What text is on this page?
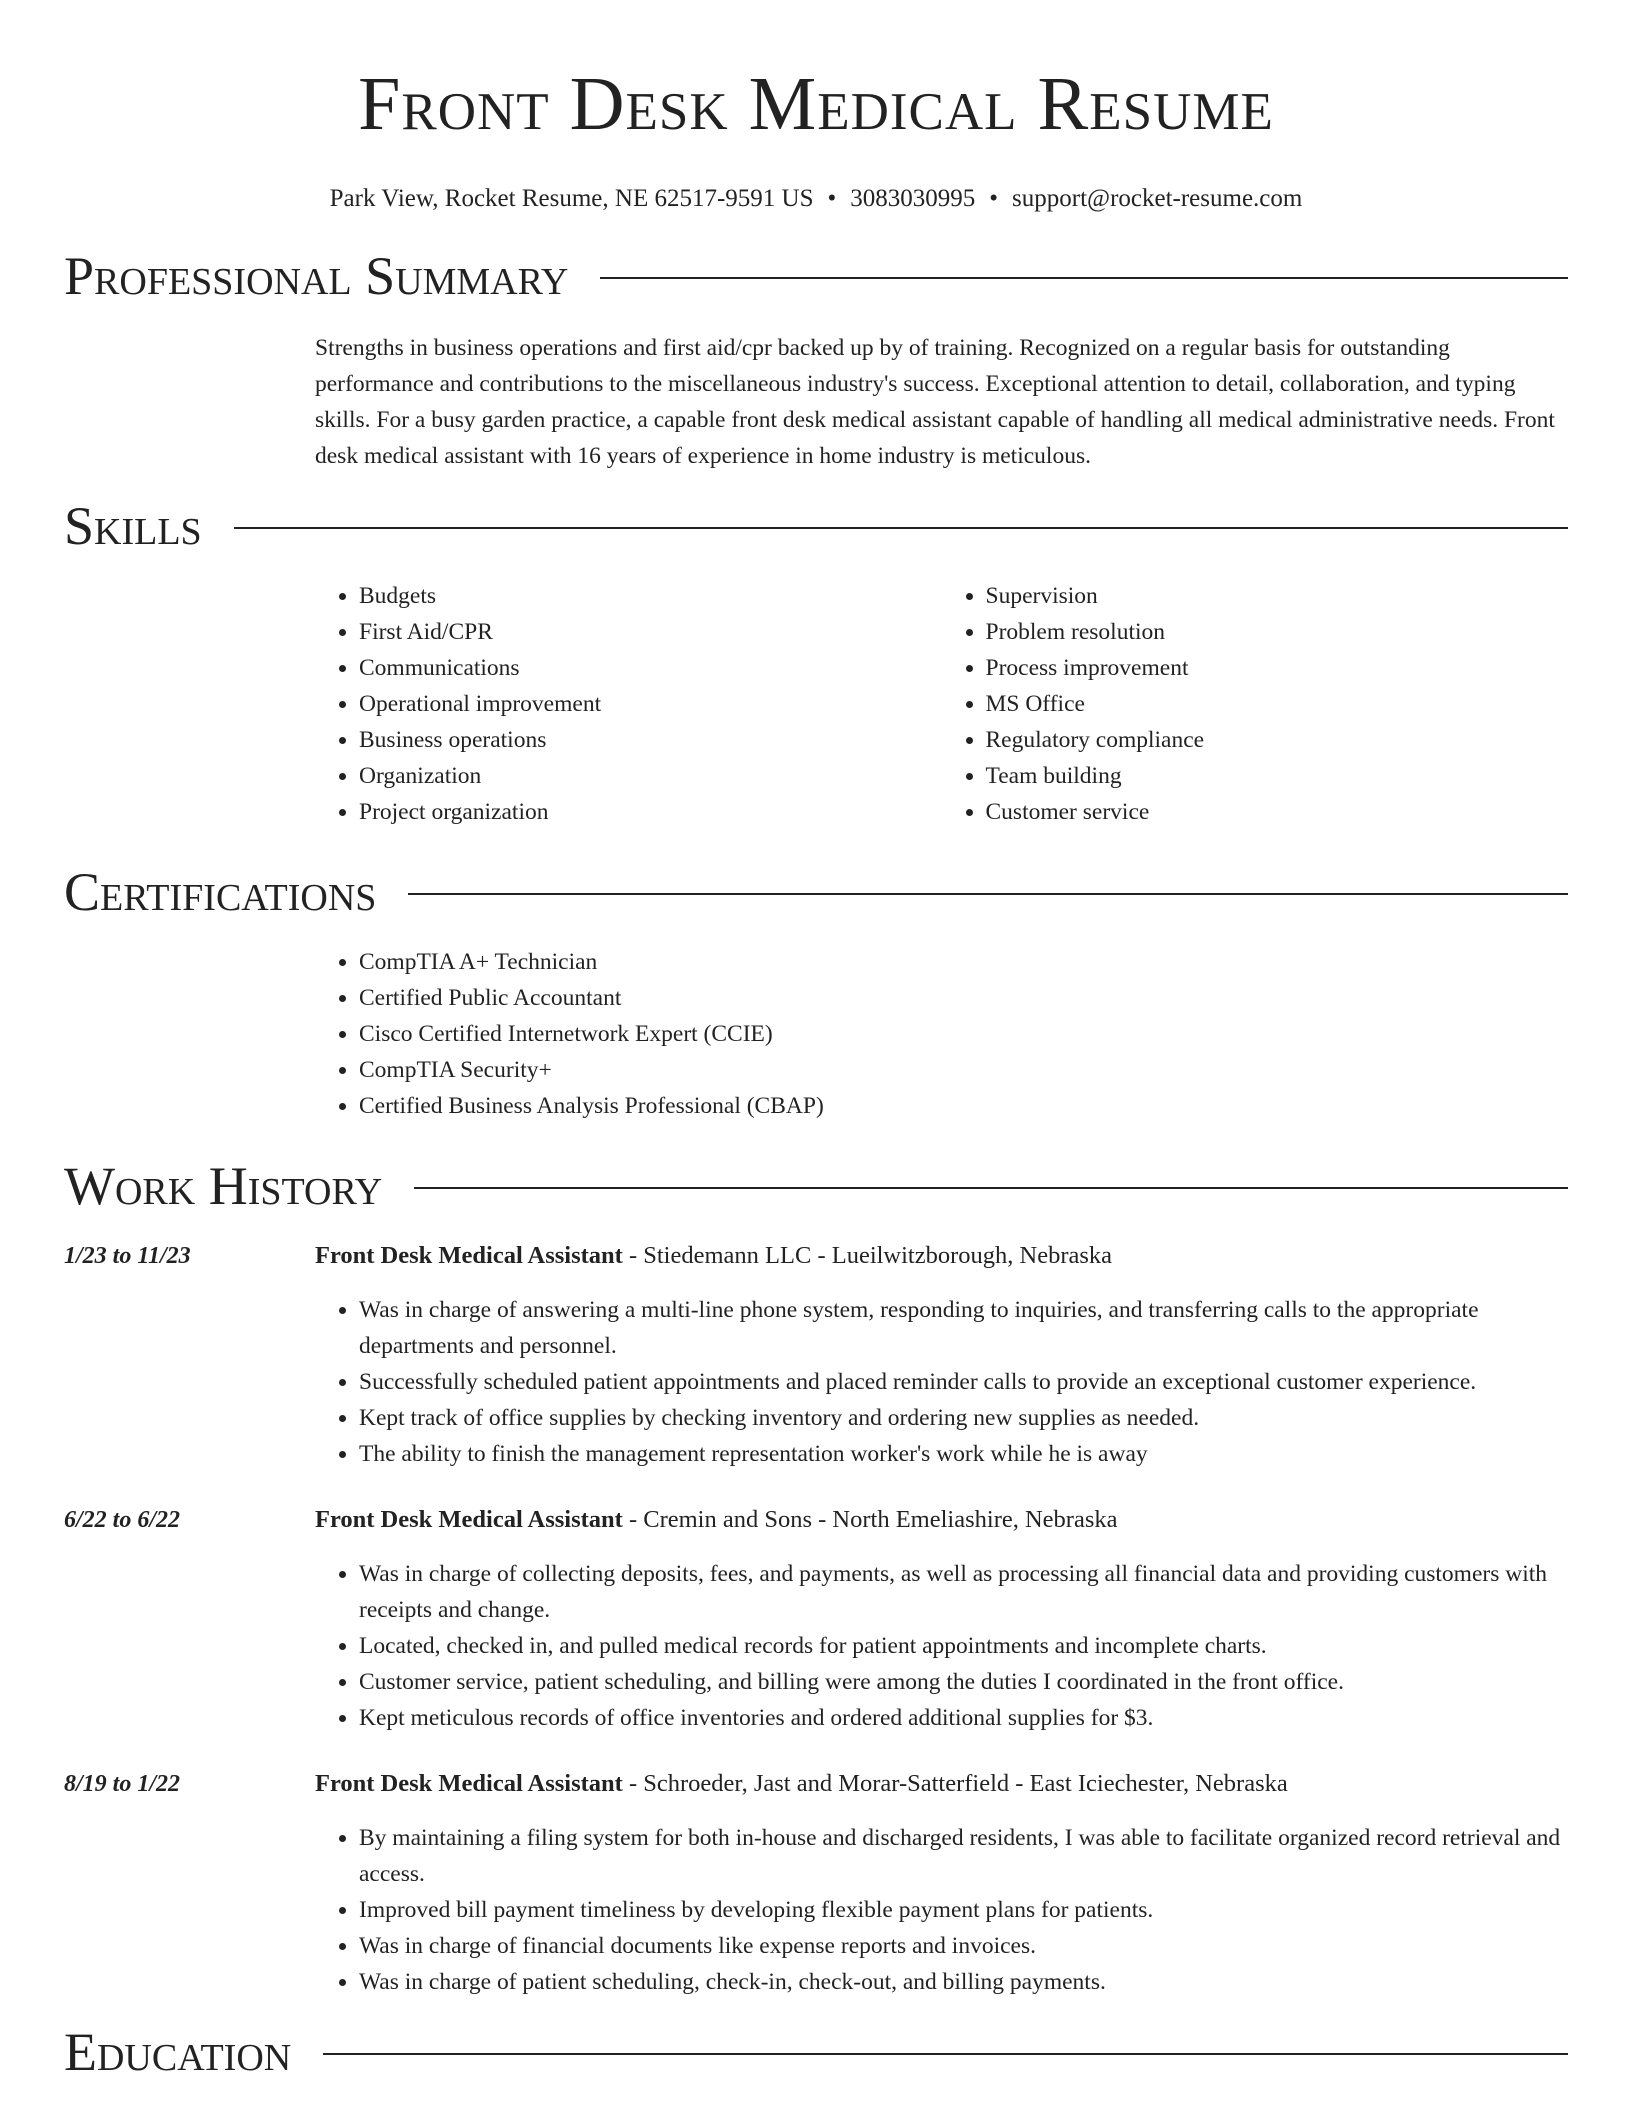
Front Desk Medical Resume
Park View, Rocket Resume, NE 62517-9591 US • 3083030995 • support@rocket-resume.com
Professional Summary
Strengths in business operations and first aid/cpr backed up by of training. Recognized on a regular basis for outstanding performance and contributions to the miscellaneous industry's success. Exceptional attention to detail, collaboration, and typing skills. For a busy garden practice, a capable front desk medical assistant capable of handling all medical administrative needs. Front desk medical assistant with 16 years of experience in home industry is meticulous.
Skills
• Budgets
• First Aid/CPR
• Communications
• Operational improvement
• Business operations
• Organization
• Project organization
• Supervision
• Problem resolution
• Process improvement
• MS Office
• Regulatory compliance
• Team building
• Customer service
Certifications
• CompTIA A+ Technician
• Certified Public Accountant
• Cisco Certified Internetwork Expert (CCIE)
• CompTIA Security+
• Certified Business Analysis Professional (CBAP)
Work History
1/23 to 11/23	Front Desk Medical Assistant - Stiedemann LLC - Lueilwitzborough, Nebraska
• Was in charge of answering a multi-line phone system, responding to inquiries, and transferring calls to the appropriate departments and personnel.
• Successfully scheduled patient appointments and placed reminder calls to provide an exceptional customer experience.
• Kept track of office supplies by checking inventory and ordering new supplies as needed.
• The ability to finish the management representation worker's work while he is away
6/22 to 6/22	Front Desk Medical Assistant - Cremin and Sons - North Emeliashire, Nebraska
• Was in charge of collecting deposits, fees, and payments, as well as processing all financial data and providing customers with receipts and change.
• Located, checked in, and pulled medical records for patient appointments and incomplete charts.
• Customer service, patient scheduling, and billing were among the duties I coordinated in the front office.
• Kept meticulous records of office inventories and ordered additional supplies for $3.
8/19 to 1/22	Front Desk Medical Assistant - Schroeder, Jast and Morar-Satterfield - East Iciechester, Nebraska
• By maintaining a filing system for both in-house and discharged residents, I was able to facilitate organized record retrieval and access.
• Improved bill payment timeliness by developing flexible payment plans for patients.
• Was in charge of financial documents like expense reports and invoices.
• Was in charge of patient scheduling, check-in, check-out, and billing payments.
Education
